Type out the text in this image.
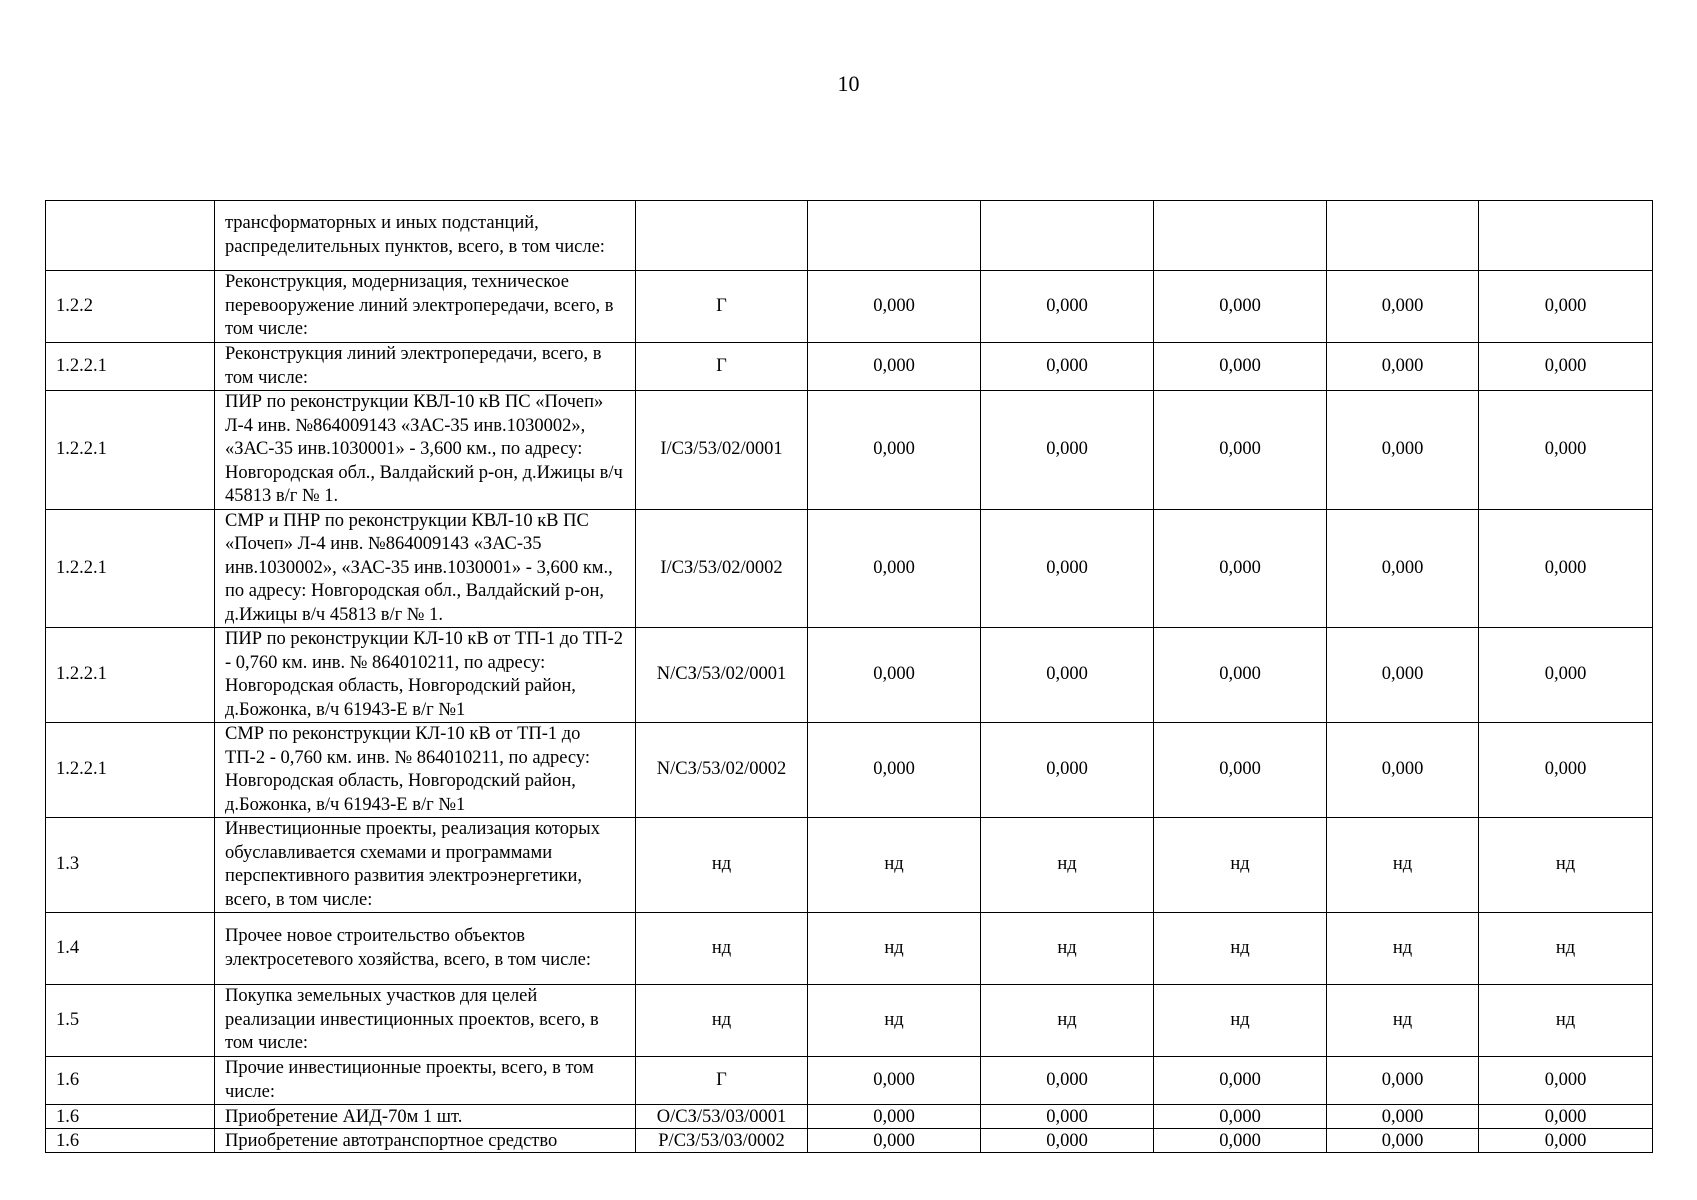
10
	трансформаторных и иных подстанций, распределительных пунктов, всего, в том числе:						
1.2.2	Реконструкция, модернизация, техническое перевооружение линий электропередачи, всего, в том числе:	Г	0,000	0,000	0,000	0,000	0,000
1.2.2.1	Реконструкция линий электропередачи, всего, в том числе:	Г	0,000	0,000	0,000	0,000	0,000
1.2.2.1	ПИР по реконструкции КВЛ-10 кВ ПС «Почеп» Л-4 инв. №864009143 «ЗАС-35 инв.1030002», «ЗАС-35 инв.1030001» - 3,600 км., по адресу: Новгородская обл., Валдайский р-он, д.Ижицы в/ч 45813 в/г № 1.	I/СЗ/53/02/0001	0,000	0,000	0,000	0,000	0,000
1.2.2.1	СМР и ПНР по реконструкции КВЛ-10 кВ ПС «Почеп» Л-4 инв. №864009143 «ЗАС-35 инв.1030002», «ЗАС-35 инв.1030001» - 3,600 км., по адресу: Новгородская обл., Валдайский р-он, д.Ижицы в/ч 45813 в/г № 1.	I/СЗ/53/02/0002	0,000	0,000	0,000	0,000	0,000
1.2.2.1	ПИР по реконструкции КЛ-10 кВ от ТП-1 до ТП-2 - 0,760 км. инв. № 864010211, по адресу: Новгородская область, Новгородский район, д.Божонка, в/ч 61943-Е в/г №1	N/СЗ/53/02/0001	0,000	0,000	0,000	0,000	0,000
1.2.2.1	СМР по реконструкции КЛ-10 кВ от ТП-1 до ТП-2 - 0,760 км. инв. № 864010211, по адресу: Новгородская область, Новгородский район, д.Божонка, в/ч 61943-Е в/г №1	N/СЗ/53/02/0002	0,000	0,000	0,000	0,000	0,000
1.3	Инвестиционные проекты, реализация которых обуславливается схемами и программами перспективного развития электроэнергетики, всего, в том числе:	нд	нд	нд	нд	нд	нд
1.4	Прочее новое строительство объектов электросетевого хозяйства, всего, в том числе:	нд	нд	нд	нд	нд	нд
1.5	Покупка земельных участков для целей реализации инвестиционных проектов, всего, в том числе:	нд	нд	нд	нд	нд	нд
1.6	Прочие инвестиционные проекты, всего, в том числе:	Г	0,000	0,000	0,000	0,000	0,000
1.6	Приобретение АИД-70м 1 шт.	O/СЗ/53/03/0001	0,000	0,000	0,000	0,000	0,000
1.6	Приобретение автотранспортное средство	P/СЗ/53/03/0002	0,000	0,000	0,000	0,000	0,000
